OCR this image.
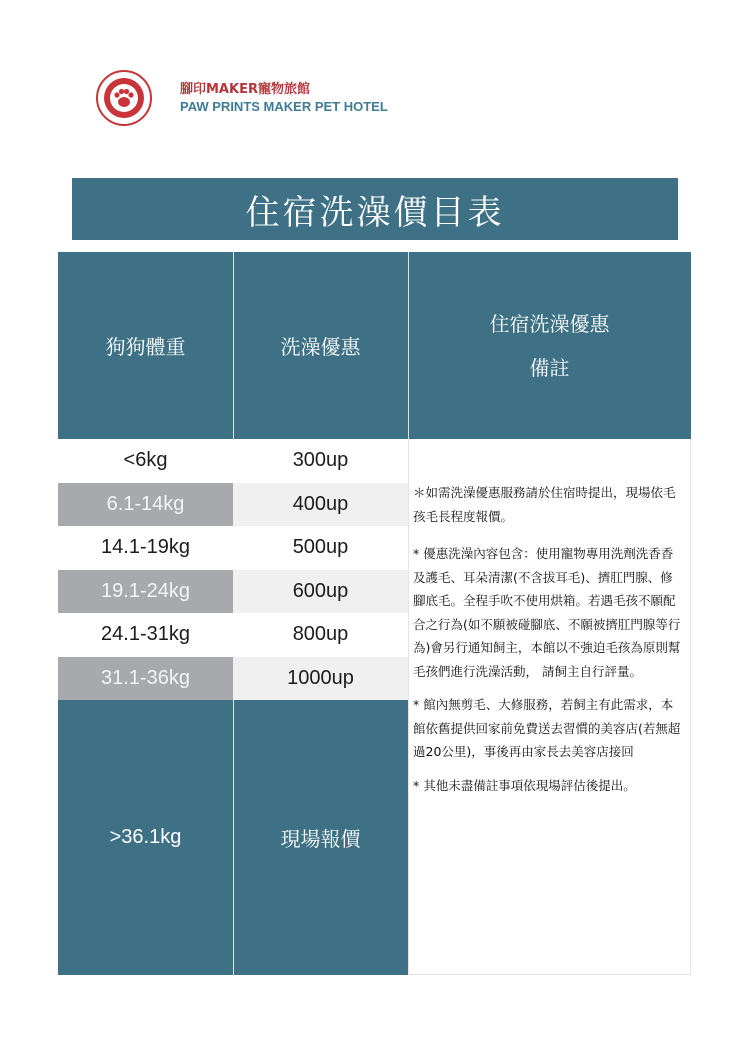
腳印MAKER寵物旅館
PAW PRINTS MAKER PET HOTEL
住宿洗澡價目表
狗狗體重	洗澡優惠
住宿洗澡優惠
備註
<6kg	300up
6.1-14kg	400up
14.1-19kg	500up
19.1-24kg	600up
24.1-31kg	800up
31.1-36kg	1000up
>36.1kg	現場報價

＊如需洗澡優惠服務請於住宿時提出，現場依毛孩毛長程度報價。

* 優惠洗澡內容包含：使用寵物專用洗劑洗香香及護毛、耳朵清潔(不含拔耳毛)、擠肛門腺、修腳底毛。全程手吹不使用烘箱。若遇毛孩不願配合之行為(如不願被碰腳底、不願被擠肛門腺等行為)會另行通知飼主，本館以不強迫毛孩為原則幫毛孩們進行洗澡活動， 請飼主自行評量。

* 館內無剪毛、大修服務，若飼主有此需求，本館依舊提供回家前免費送去習慣的美容店(若無超過20公里)，事後再由家長去美容店接回

* 其他未盡備註事項依現場評估後提出。
